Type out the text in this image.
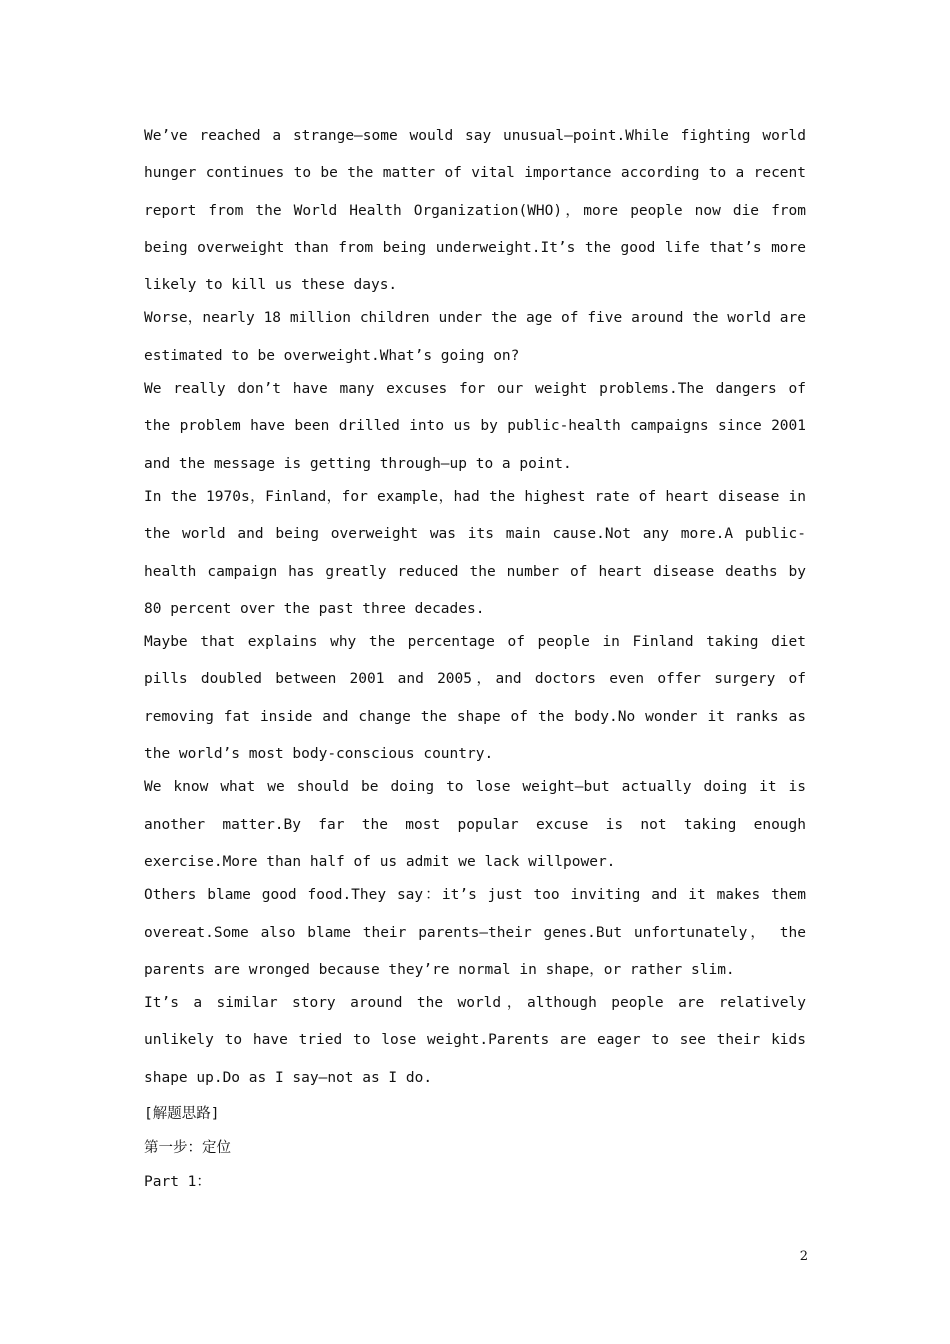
We’ve reached a strange—some would say unusual—point.While fighting world hunger continues to be the matter of vital importance according to a recent report from the World Health Organization(WHO)，more people now die from being overweight than from being underweight.It’s the good life that’s more likely to kill us these days.

Worse，nearly 18 million children under the age of five around the world are estimated to be overweight.What’s going on?

We really don’t have many excuses for our weight problems.The dangers of the problem have been drilled into us by public-health campaigns since 2001 and the message is getting through—up to a point.

In the 1970s，Finland，for example，had the highest rate of heart disease in the world and being overweight was its main cause.Not any more.A public-health campaign has greatly reduced the number of heart disease deaths by 80 percent over the past three decades.

Maybe that explains why the percentage of people in Finland taking diet pills doubled between 2001 and 2005，and doctors even offer surgery of removing fat inside and change the shape of the body.No wonder it ranks as the world’s most body-conscious country.

We know what we should be doing to lose weight—but actually doing it is another matter.By far the most popular excuse is not taking enough exercise.More than half of us admit we lack willpower.

Others blame good food.They say：it’s just too inviting and it makes them overeat.Some also blame their parents—their genes.But unfortunately， the parents are wronged because they’re normal in shape，or rather slim.

It’s a similar story around the world，although people are relatively unlikely to have tried to lose weight.Parents are eager to see their kids shape up.Do as I say—not as I do.

[解题思路]

第一步：定位

Part 1：

2
